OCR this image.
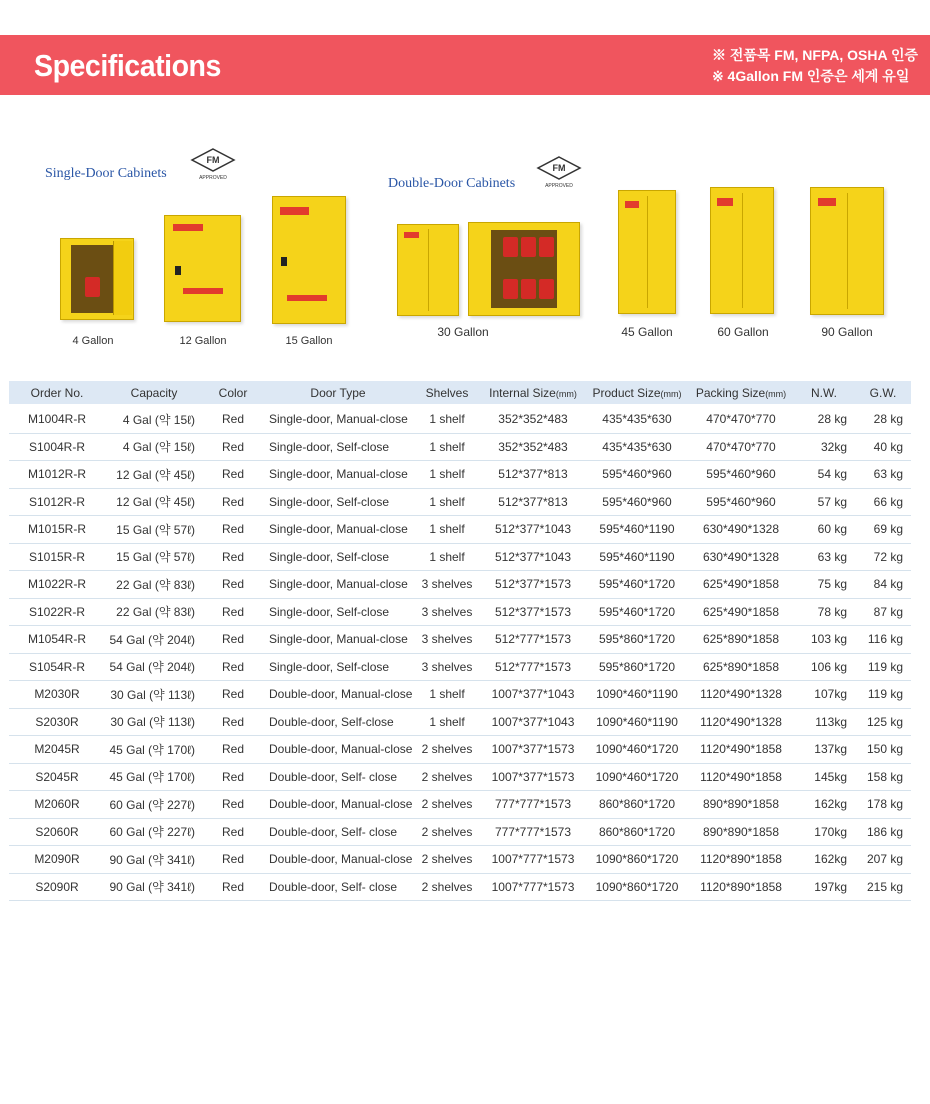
Specifications	※ 전품목 FM, NFPA, OSHA 인증
※ 4Gallon FM 인증은 세계 유일
Single-Door Cabinets
FM
APPROVED
4 Gallon	12 Gallon	15 Gallon
Double-Door Cabinets
FM
APPROVED
30 Gallon	45 Gallon	60 Gallon	90 Gallon
Order No.	Capacity	Color	Door Type	Shelves	Internal Size(mm)	Product Size(mm)	Packing Size(mm)	N.W.	G.W.
M1004R-R	4 Gal (약 15ℓ)	Red	Single-door, Manual-close	1 shelf	352*352*483	435*435*630	470*470*770	28 kg	28 kg
S1004R-R	4 Gal (약 15ℓ)	Red	Single-door, Self-close	1 shelf	352*352*483	435*435*630	470*470*770	32kg	40 kg
M1012R-R	12 Gal (약 45ℓ)	Red	Single-door, Manual-close	1 shelf	512*377*813	595*460*960	595*460*960	54 kg	63 kg
S1012R-R	12 Gal (약 45ℓ)	Red	Single-door, Self-close	1 shelf	512*377*813	595*460*960	595*460*960	57 kg	66 kg
M1015R-R	15 Gal (약 57ℓ)	Red	Single-door, Manual-close	1 shelf	512*377*1043	595*460*1190	630*490*1328	60 kg	69 kg
S1015R-R	15 Gal (약 57ℓ)	Red	Single-door, Self-close	1 shelf	512*377*1043	595*460*1190	630*490*1328	63 kg	72 kg
M1022R-R	22 Gal (약 83ℓ)	Red	Single-door, Manual-close	3 shelves	512*377*1573	595*460*1720	625*490*1858	75 kg	84 kg
S1022R-R	22 Gal (약 83ℓ)	Red	Single-door, Self-close	3 shelves	512*377*1573	595*460*1720	625*490*1858	78 kg	87 kg
M1054R-R	54 Gal (약 204ℓ)	Red	Single-door, Manual-close	3 shelves	512*777*1573	595*860*1720	625*890*1858	103 kg	116 kg
S1054R-R	54 Gal (약 204ℓ)	Red	Single-door, Self-close	3 shelves	512*777*1573	595*860*1720	625*890*1858	106 kg	119 kg
M2030R	30 Gal (약 113ℓ)	Red	Double-door, Manual-close	1 shelf	1007*377*1043	1090*460*1190	1120*490*1328	107kg	119 kg
S2030R	30 Gal (약 113ℓ)	Red	Double-door, Self-close	1 shelf	1007*377*1043	1090*460*1190	1120*490*1328	113kg	125 kg
M2045R	45 Gal (약 170ℓ)	Red	Double-door, Manual-close	2 shelves	1007*377*1573	1090*460*1720	1120*490*1858	137kg	150 kg
S2045R	45 Gal (약 170ℓ)	Red	Double-door, Self- close	2 shelves	1007*377*1573	1090*460*1720	1120*490*1858	145kg	158 kg
M2060R	60 Gal (약 227ℓ)	Red	Double-door, Manual-close	2 shelves	777*777*1573	860*860*1720	890*890*1858	162kg	178 kg
S2060R	60 Gal (약 227ℓ)	Red	Double-door, Self- close	2 shelves	777*777*1573	860*860*1720	890*890*1858	170kg	186 kg
M2090R	90 Gal (약 341ℓ)	Red	Double-door, Manual-close	2 shelves	1007*777*1573	1090*860*1720	1120*890*1858	162kg	207 kg
S2090R	90 Gal (약 341ℓ)	Red	Double-door, Self- close	2 shelves	1007*777*1573	1090*860*1720	1120*890*1858	197kg	215 kg
